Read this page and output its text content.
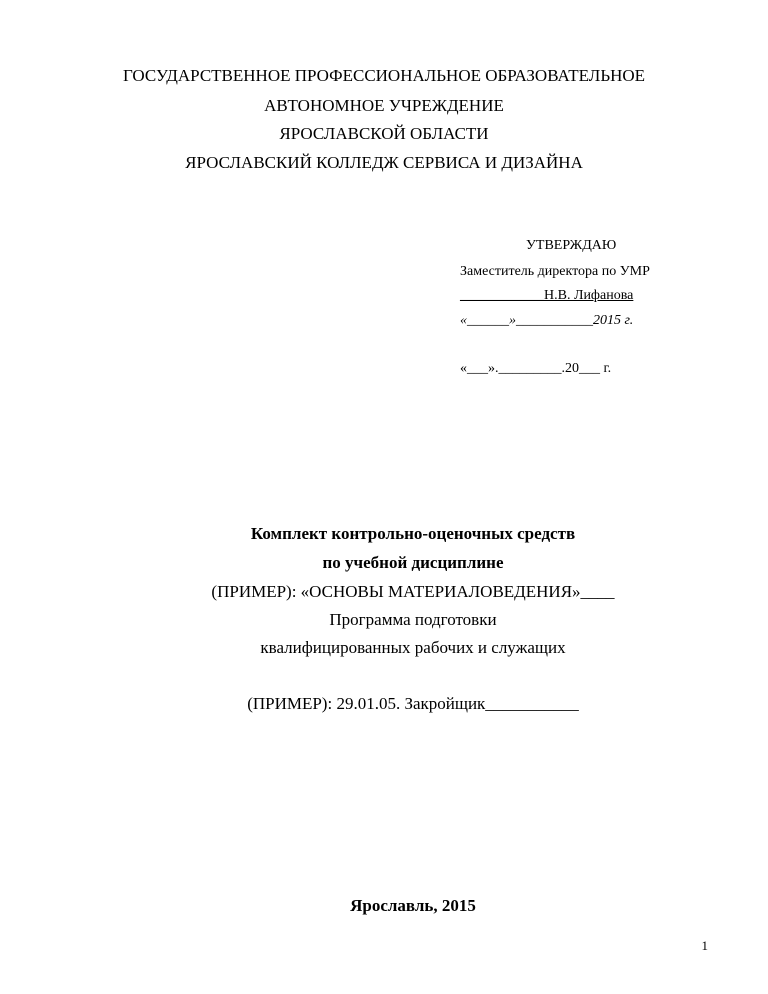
ГОСУДАРСТВЕННОЕ ПРОФЕССИОНАЛЬНОЕ ОБРАЗОВАТЕЛЬНОЕ
АВТОНОМНОЕ УЧРЕЖДЕНИЕ
ЯРОСЛАВСКОЙ ОБЛАСТИ
ЯРОСЛАВСКИЙ КОЛЛЕДЖ СЕРВИСА И ДИЗАЙНА
УТВЕРЖДАЮ
Заместитель директора по УМР
____________Н.В. Лифанова
«______»___________2015 г.
«___»._________.20___ г.
Комплект контрольно-оценочных средств
по учебной дисциплине
(ПРИМЕР): «ОСНОВЫ МАТЕРИАЛОВЕДЕНИЯ»____
Программа подготовки
квалифицированных рабочих и служащих
(ПРИМЕР): 29.01.05. Закройщик___________
Ярославль, 2015
1
